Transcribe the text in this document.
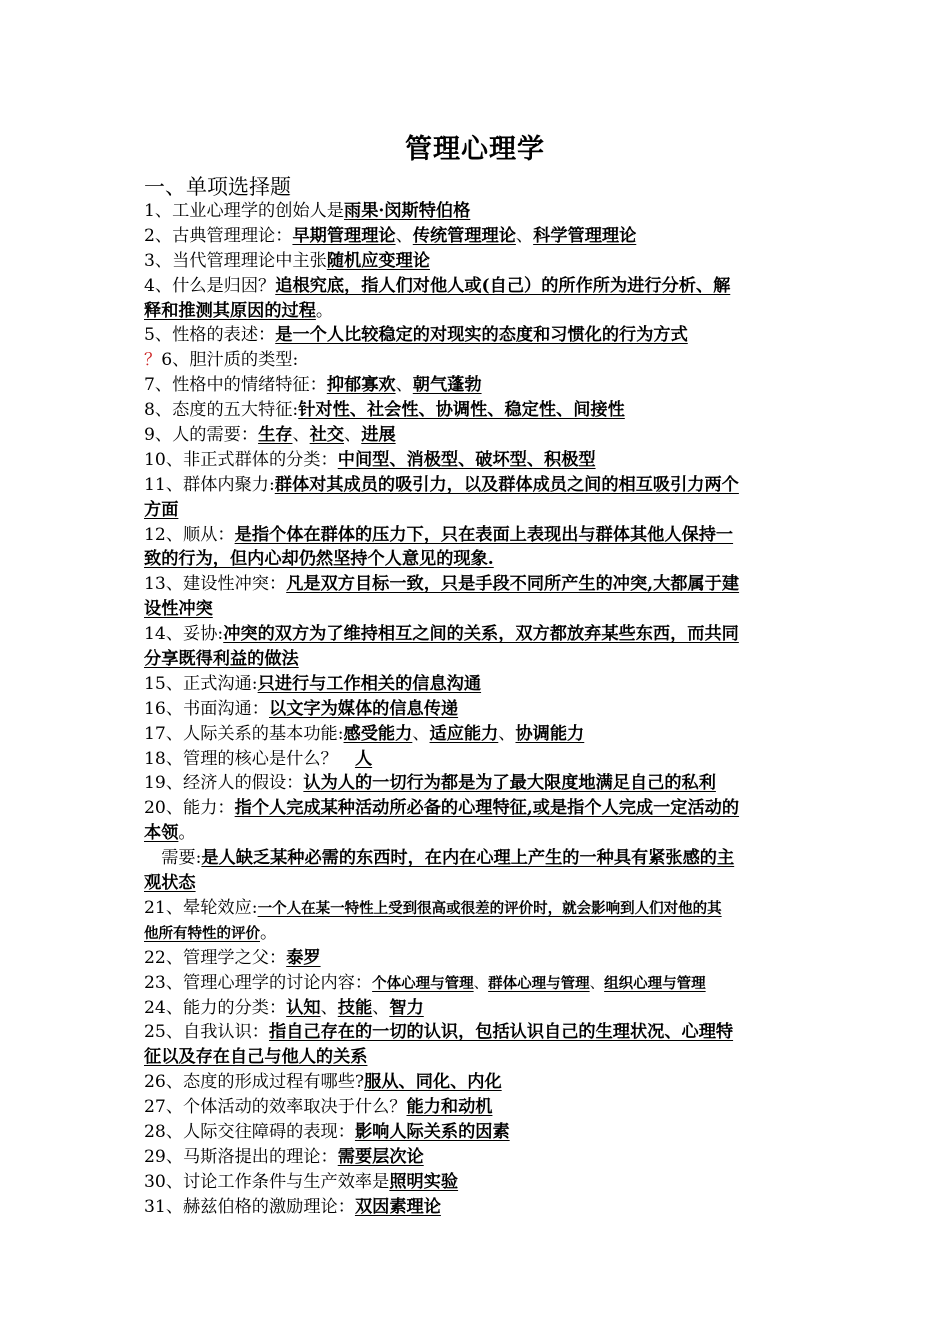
管理心理学
一、单项选择题
1、工业心理学的创始人是雨果·闵斯特伯格
2、古典管理理论：早期管理理论、传统管理理论、科学管理理论
3、当代管理理论中主张随机应变理论
4、什么是归因？追根究底，指人们对他人或(自己）的所作所为进行分析、解
释和推测其原因的过程。
5、性格的表述：是一个人比较稳定的对现实的态度和习惯化的行为方式
？6、胆汁质的类型:
7、性格中的情绪特征：抑郁寡欢、朝气蓬勃
8、态度的五大特征:针对性、社会性、协调性、稳定性、间接性
9、人的需要：生存、社交、进展
10、非正式群体的分类：中间型、消极型、破坏型、积极型
11、群体内聚力:群体对其成员的吸引力，以及群体成员之间的相互吸引力两个
方面
12、顺从：是指个体在群体的压力下，只在表面上表现出与群体其他人保持一
致的行为，但内心却仍然坚持个人意见的现象.
13、建设性冲突：凡是双方目标一致，只是手段不同所产生的冲突,大都属于建
设性冲突
14、妥协:冲突的双方为了维持相互之间的关系，双方都放弃某些东西，而共同
分享既得利益的做法
15、正式沟通:只进行与工作相关的信息沟通
16、书面沟通：以文字为媒体的信息传递
17、人际关系的基本功能:感受能力、适应能力、协调能力
18、管理的核心是什么？　人
19、经济人的假设：认为人的一切行为都是为了最大限度地满足自己的私利
20、能力：指个人完成某种活动所必备的心理特征,或是指个人完成一定活动的
本领。
　需要:是人缺乏某种必需的东西时，在内在心理上产生的一种具有紧张感的主
观状态
21、晕轮效应:一个人在某一特性上受到很高或很差的评价时，就会影响到人们对他的其
他所有特性的评价。
22、管理学之父：泰罗
23、管理心理学的讨论内容：个体心理与管理、群体心理与管理、组织心理与管理
24、能力的分类：认知、技能、智力
25、自我认识：指自己存在的一切的认识，包括认识自己的生理状况、心理特
征以及存在自己与他人的关系
26、态度的形成过程有哪些?服从、同化、内化
27、个体活动的效率取决于什么？能力和动机
28、人际交往障碍的表现：影响人际关系的因素
29、马斯洛提出的理论：需要层次论
30、讨论工作条件与生产效率是照明实验
31、赫兹伯格的激励理论：双因素理论
